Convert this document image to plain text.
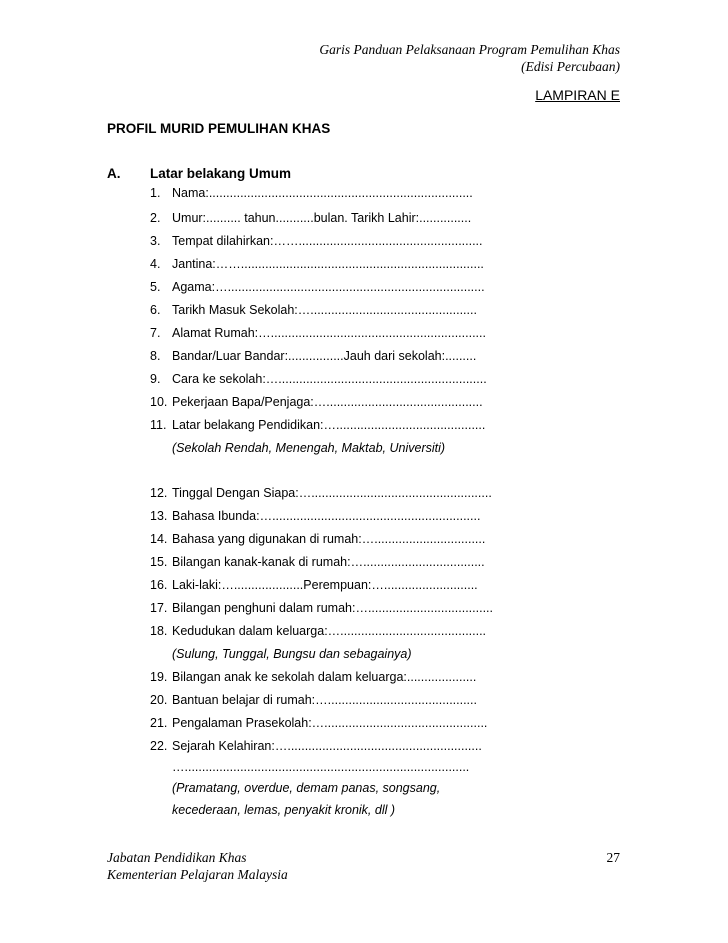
Garis Panduan Pelaksanaan Program Pemulihan Khas
(Edisi Percubaan)
LAMPIRAN E
PROFIL MURID PEMULIHAN KHAS
A. Latar belakang Umum
1. Nama:............................................................................
2. Umur:.......... tahun...........bulan. Tarikh Lahir:...............
3. Tempat dilahirkan:…….....................................................
4. Jantina:……......................................................................
5. Agama:…..........................................................................
6. Tarikh Masuk Sekolah:…................................................
7. Alamat Rumah:…..............................................................
8. Bandar/Luar Bandar:................Jauh dari sekolah:.........
9. Cara ke sekolah:…............................................................
10. Pekerjaan Bapa/Penjaga:….............................................
11. Latar belakang Pendidikan:…...........................................
(Sekolah Rendah, Menengah, Maktab, Universiti)
12. Tinggal Dengan Siapa:…....................................................
13. Bahasa Ibunda:…............................................................
14. Bahasa yang digunakan di rumah:…................................
15. Bilangan kanak-kanak di rumah:…...................................
16. Laki-laki:…....................Perempuan:…...........................
17. Bilangan penghuni dalam rumah:…....................................
18. Kedudukan dalam keluarga:…..........................................
(Sulung, Tunggal, Bungsu dan sebagainya)
19. Bilangan anak ke sekolah dalam keluarga:....................
20. Bantuan belajar di rumah:…...........................................
21. Pengalaman Prasekolah:…...............................................
22. Sejarah Kelahiran:…........................................................
…..................................................................................
(Pramatang, overdue, demam panas, songsang,
kecederaan, lemas, penyakit kronik, dll )
Jabatan Pendidikan Khas
Kementerian Pelajaran Malaysia
27
